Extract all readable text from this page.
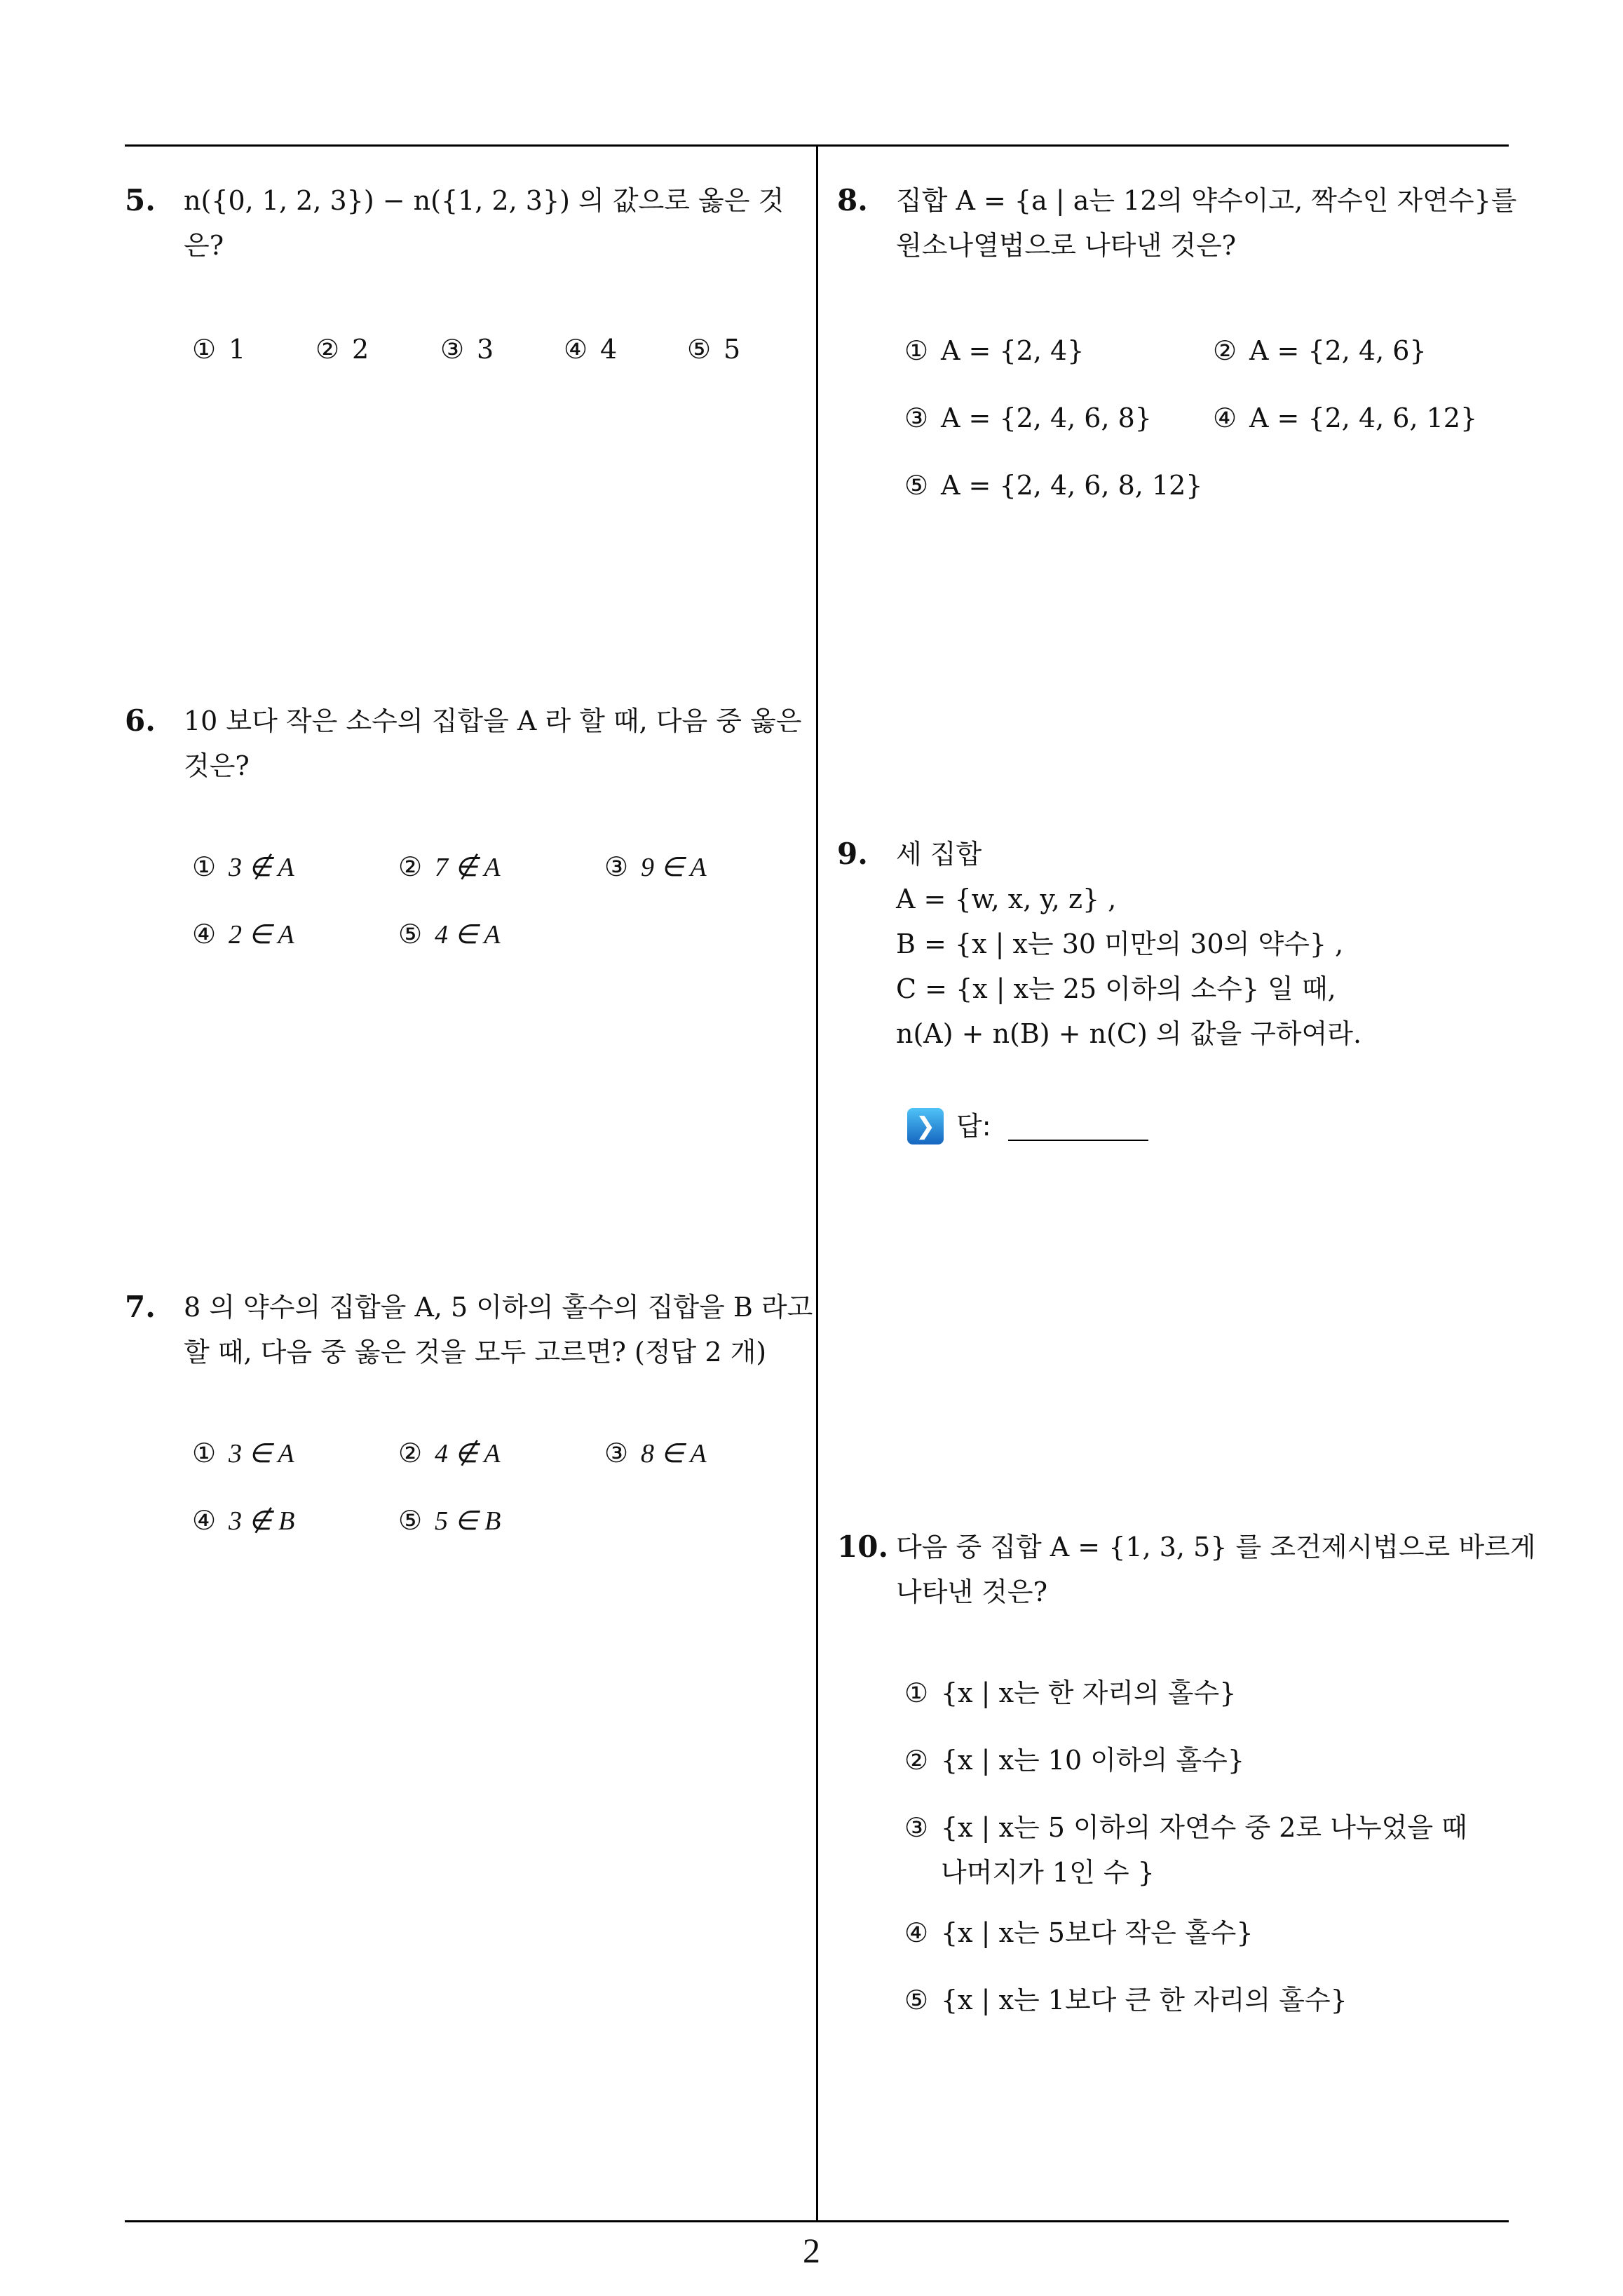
5. n({0, 1, 2, 3}) − n({1, 2, 3}) 의 값으로 옳은 것
은?
① 1	② 2	③ 3	④ 4	⑤ 5
6. 10 보다 작은 소수의 집합을 A 라 할 때, 다음 중 옳은
것은?
① 3 ∉ A	② 7 ∉ A	③ 9 ∈ A
④ 2 ∈ A	⑤ 4 ∈ A
7. 8 의 약수의 집합을 A, 5 이하의 홀수의 집합을 B 라고
할 때, 다음 중 옳은 것을 모두 고르면? (정답 2 개)
① 3 ∈ A	② 4 ∉ A	③ 8 ∈ A
④ 3 ∉ B	⑤ 5 ∈ B
8. 집합 A = {a | a는 12의 약수이고, 짝수인 자연수}를
원소나열법으로 나타낸 것은?
① A = {2, 4}	② A = {2, 4, 6}
③ A = {2, 4, 6, 8} ④ A = {2, 4, 6, 12}
⑤ A = {2, 4, 6, 8, 12}
9. 세 집합
A = {w, x, y, z} ,
B = {x | x는 30 미만의 30의 약수} ,
C = {x | x는 25 이하의 소수} 일 때,
n(A) + n(B) + n(C) 의 값을 구하여라.
❯ 답:
10. 다음 중 집합 A = {1, 3, 5} 를 조건제시법으로 바르게
나타낸 것은?
① {x | x는 한 자리의 홀수}
② {x | x는 10 이하의 홀수}
③ {x | x는 5 이하의 자연수 중 2로 나누었을 때
나머지가 1인 수 }
④ {x | x는 5보다 작은 홀수}
⑤ {x | x는 1보다 큰 한 자리의 홀수}
2
